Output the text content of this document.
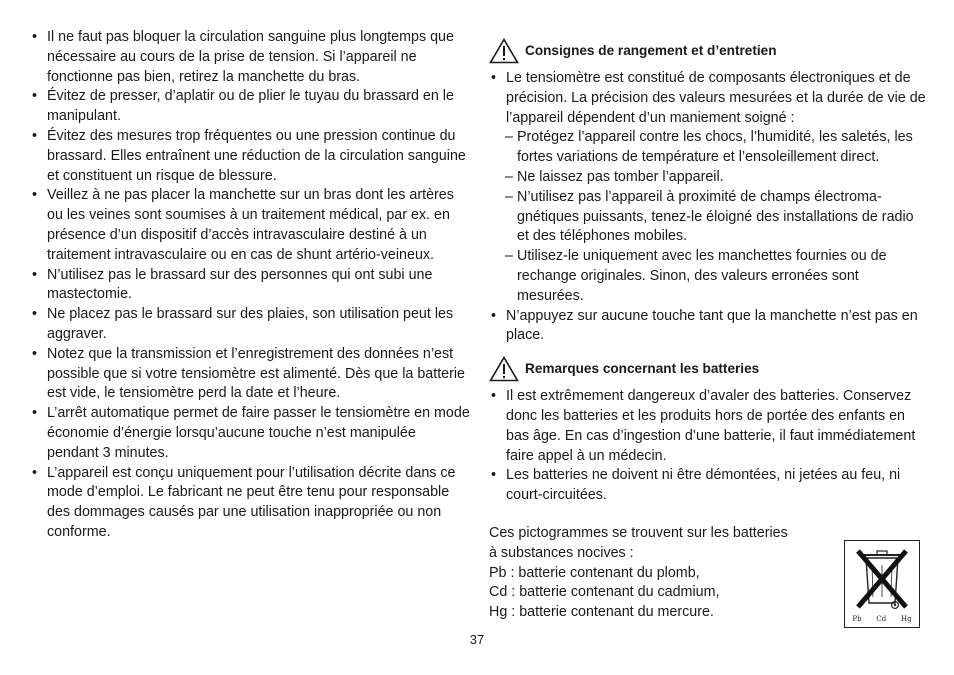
• Il ne faut pas bloquer la circulation sanguine plus longtemps que nécessaire au cours de la prise de tension. Si l’appareil ne fonctionne pas bien, retirez la manchette du bras.
• Évitez de presser, d’aplatir ou de plier le tuyau du brassard en le manipulant.
• Évitez des mesures trop fréquentes ou une pression continue du brassard. Elles entraînent une réduction de la circulation sanguine et constituent un risque de blessure.
• Veillez à ne pas placer la manchette sur un bras dont les artères ou les veines sont soumises à un traitement médical, par ex. en présence d’un dispositif d’accès intravasculaire destiné à un traitement intravasculaire ou en cas de shunt artério-veineux.
• N’utilisez pas le brassard sur des personnes qui ont subi une mastectomie.
• Ne placez pas le brassard sur des plaies, son utilisation peut les aggraver.
• Notez que la transmission et l’enregistrement des données n’est possible que si votre tensiomètre est alimenté. Dès que la batterie est vide, le tensiomètre perd la date et l’heure.
• L’arrêt automatique permet de faire passer le tensiomètre en mode économie d’énergie lorsqu’aucune touche n’est manipulée pendant 3 minutes.
• L’appareil est conçu uniquement pour l’utilisation décrite dans ce mode d’emploi. Le fabricant ne peut être tenu pour responsable des dommages causés par une utilisation inappropriée ou non conforme.
Consignes de rangement et d’entretien
• Le tensiomètre est constitué de composants électroniques et de précision. La précision des valeurs mesurées et la durée de vie de l’appareil dépendent d’un maniement soigné :
– Protégez l’appareil contre les chocs, l’humidité, les saletés, les fortes variations de température et l’ensoleillement direct.
– Ne laissez pas tomber l’appareil.
– N’utilisez pas l’appareil à proximité de champs électromagnétiques puissants, tenez-le éloigné des installations de radio et des téléphones mobiles.
– Utilisez-le uniquement avec les manchettes fournies ou de rechange originales. Sinon, des valeurs erronées sont mesurées.
• N’appuyez sur aucune touche tant que la manchette n’est pas en place.
Remarques concernant les batteries
• Il est extrêmement dangereux d’avaler des batteries. Conservez donc les batteries et les produits hors de portée des enfants en bas âge. En cas d’ingestion d’une batterie, il faut immédiatement faire appel à un médecin.
• Les batteries ne doivent ni être démontées, ni jetées au feu, ni court-circuitées.
Ces pictogrammes se trouvent sur les batteries
à substances nocives :
Pb : batterie contenant du plomb,
Cd : batterie contenant du cadmium,
Hg : batterie contenant du mercure.	Pb Cd Hg
37
